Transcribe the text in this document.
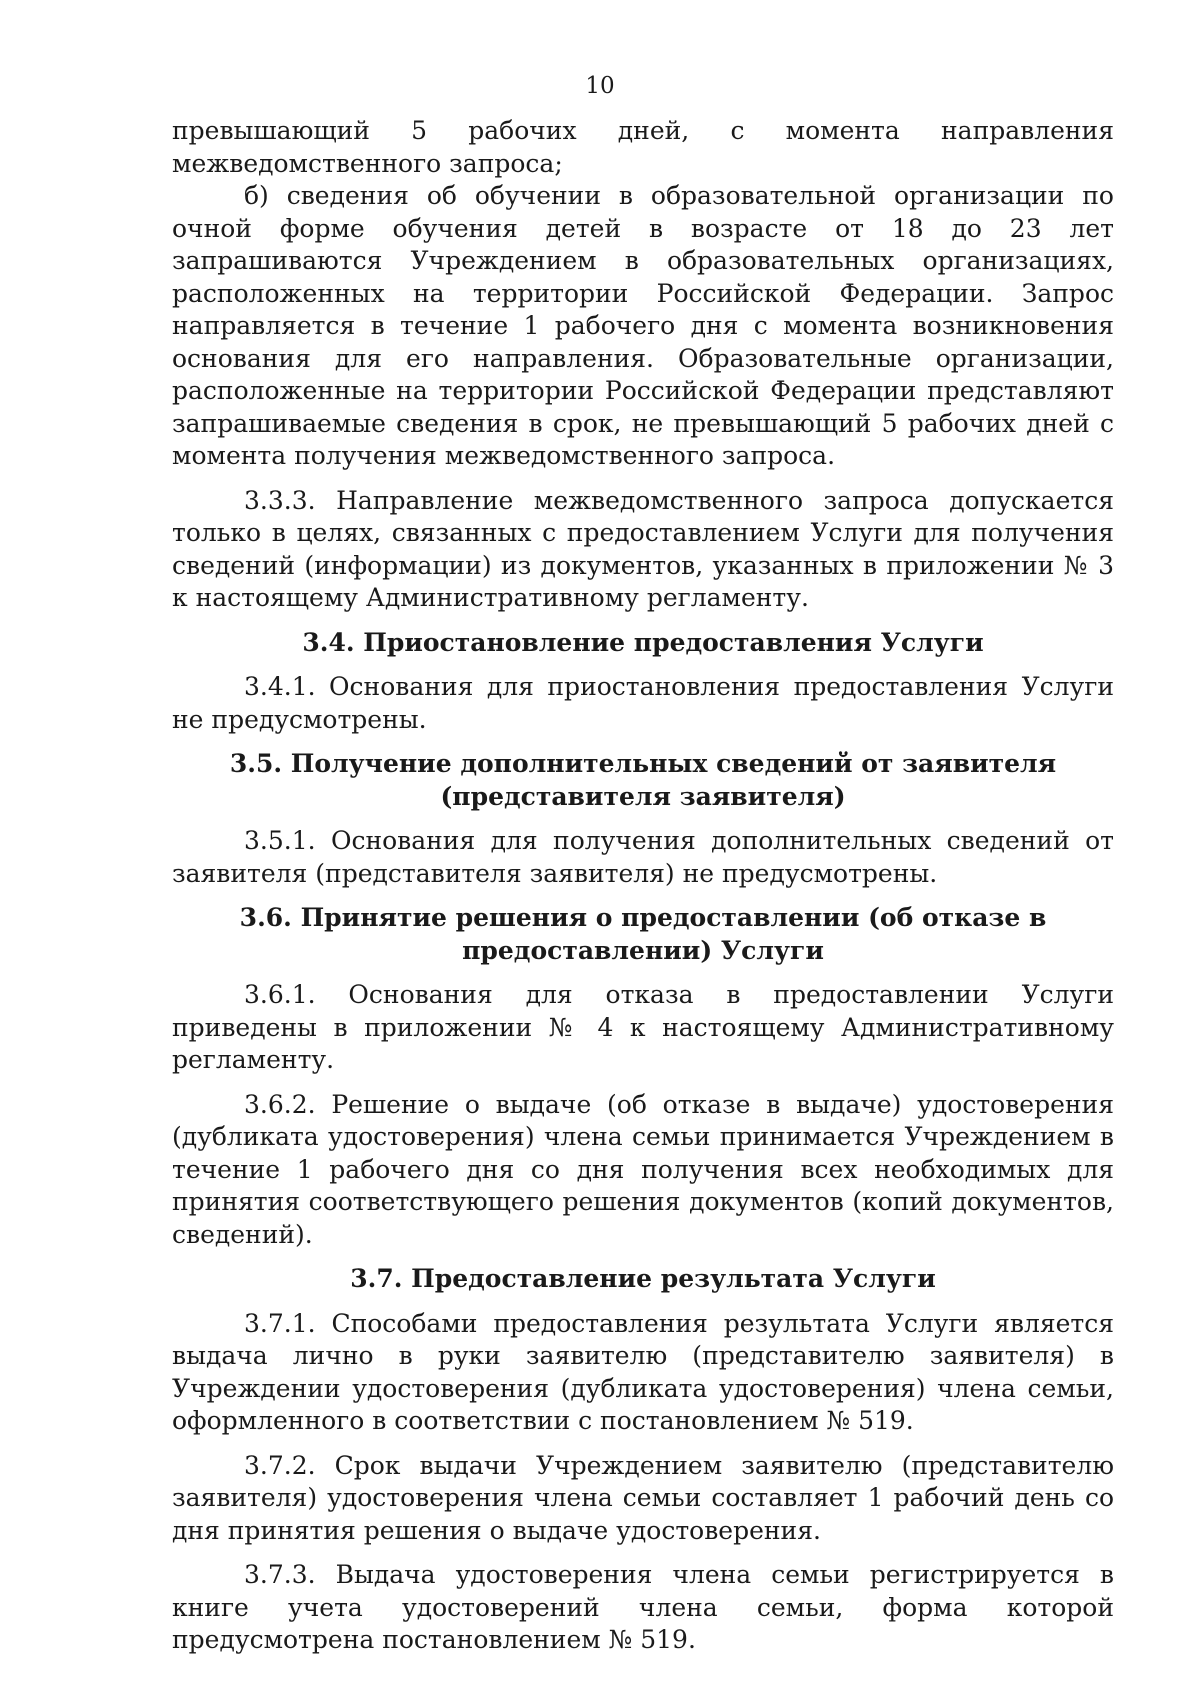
10

превышающий 5 рабочих дней, с момента направления межведомственного запроса;

б) сведения об обучении в образовательной организации по очной форме обучения детей в возрасте от 18 до 23 лет запрашиваются Учреждением в образовательных организациях, расположенных на территории Российской Федерации. Запрос направляется в течение 1 рабочего дня с момента возникновения основания для его направления. Образовательные организации, расположенные на территории Российской Федерации представляют запрашиваемые сведения в срок, не превышающий 5 рабочих дней с момента получения межведомственного запроса.

3.3.3. Направление межведомственного запроса допускается только в целях, связанных с предоставлением Услуги для получения сведений (информации) из документов, указанных в приложении № 3 к настоящему Административному регламенту.

3.4. Приостановление предоставления Услуги

3.4.1. Основания для приостановления предоставления Услуги не предусмотрены.

3.5. Получение дополнительных сведений от заявителя (представителя заявителя)

3.5.1. Основания для получения дополнительных сведений от заявителя (представителя заявителя) не предусмотрены.

3.6. Принятие решения о предоставлении (об отказе в предоставлении) Услуги

3.6.1. Основания для отказа в предоставлении Услуги приведены в приложении № 4 к настоящему Административному регламенту.

3.6.2. Решение о выдаче (об отказе в выдаче) удостоверения (дубликата удостоверения) члена семьи принимается Учреждением в течение 1 рабочего дня со дня получения всех необходимых для принятия соответствующего решения документов (копий документов, сведений).

3.7. Предоставление результата Услуги

3.7.1. Способами предоставления результата Услуги является выдача лично в руки заявителю (представителю заявителя) в Учреждении удостоверения (дубликата удостоверения) члена семьи, оформленного в соответствии с постановлением № 519.

3.7.2. Срок выдачи Учреждением заявителю (представителю заявителя) удостоверения члена семьи составляет 1 рабочий день со дня принятия решения о выдаче удостоверения.

3.7.3. Выдача удостоверения члена семьи регистрируется в книге учета удостоверений члена семьи, форма которой предусмотрена постановлением № 519.
